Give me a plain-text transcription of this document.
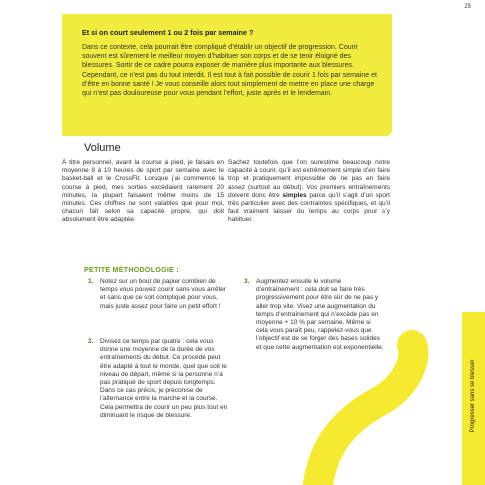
25

Et si on court seulement 1 ou 2 fois par semaine ?

Dans ce contexte, cela pourrait être compliqué d’établir un objectif de progression. Courir souvent est sûrement le meilleur moyen d’habituer son corps et de se tenir éloigné des blessures. Sortir de ce cadre pourra exposer de manière plus importante aux blessures. Cependant, ce n’est pas du tout interdit. Il est tout à fait possible de courir 1 fois par semaine et d’être en bonne santé ! Je vous conseille alors tout simplement de mettre en place une charge qui n’est pas douloureuse pour vous pendant l’effort, juste après et le lendemain.

Volume
À titre personnel, avant la course à pied, je faisais en moyenne 8 à 10 heures de sport par semaine avec le basket-ball et le CrossFit. Lorsque j’ai commencé la course à pied, mes sorties excédaient rarement 20 minutes, la plupart faisaient même moins de 15 minutes. Ces chiffres ne sont valables que pour moi, chacun fait selon sa capacité propre, qui doit absolument être adaptée.
Sachez toutefois que l’on surestime beaucoup notre capacité à courir, qu’il est extrêmement simple d’en faire trop et pratiquement impossible de ne pas en faire assez (surtout au début). Vos premiers entraînements doivent donc être simples parce qu’il s’agit d’un sport très particulier avec des contraintes spécifiques, et qu’il faut vraiment laisser du temps au corps pour s’y habituer.
PETITE MÉTHODOLOGIE :
1. Notez sur un bout de papier combien de temps vous pouvez courir sans vous arrêter et sans que ce soit compliqué pour vous, mais juste assez pour faire un petit effort !
2. Divisez ce temps par quatre : cela vous donne une moyenne de la durée de vos entraînements du début. Ce procédé peut être adapté à tout le monde, quel que soit le niveau de départ, même si la personne n’a pas pratiqué de sport depuis longtemps. Dans ce cas précis, je préconise de l’alternance entre la marche et la course. Cela permettra de courir un peu plus tout en diminuant le risque de blessure.
3. Augmentez ensuite le volume d’entraînement : cela doit se faire très progressivement pour être sûr de ne pas y aller trop vite. Visez une augmentation du temps d’entraînement qui n’excède pas en moyenne + 10 % par semaine. Même si cela vous paraît peu, rappelez-vous que l’objectif est de se forger des bases solides et que cette augmentation est exponentielle.
Progresser sans se blesser
